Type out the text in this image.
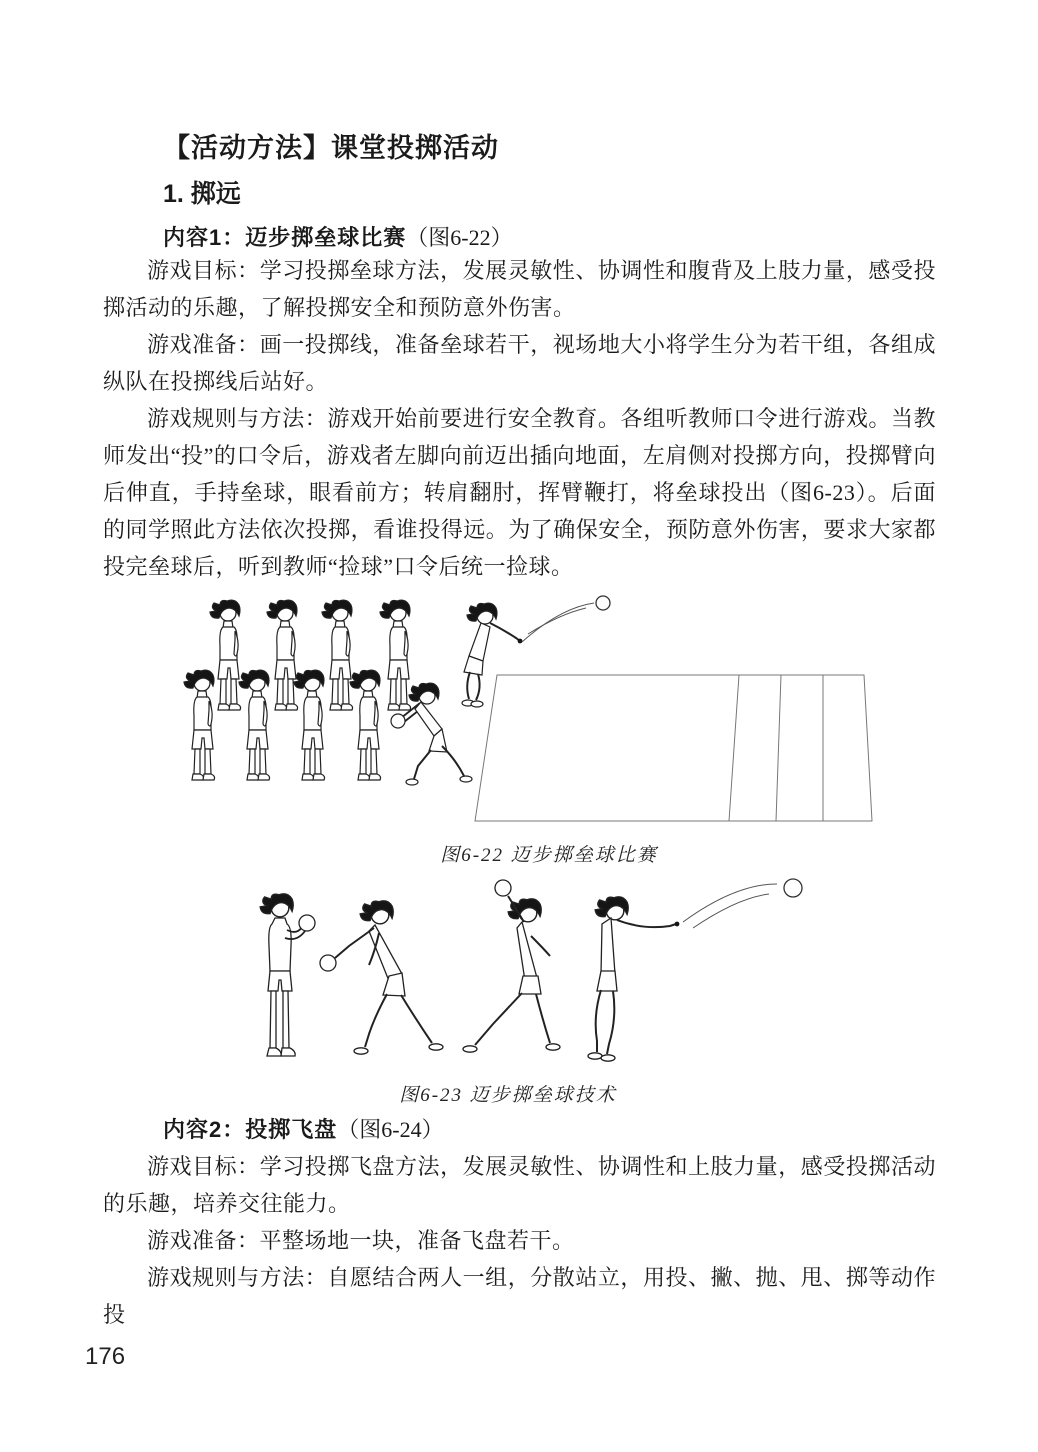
【活动方法】课堂投掷活动
1. 掷远

内容1：迈步掷垒球比赛（图6-22）

游戏目标：学习投掷垒球方法，发展灵敏性、协调性和腹背及上肢力量，感受投掷活动的乐趣，了解投掷安全和预防意外伤害。

游戏准备：画一投掷线，准备垒球若干，视场地大小将学生分为若干组，各组成纵队在投掷线后站好。

游戏规则与方法：游戏开始前要进行安全教育。各组听教师口令进行游戏。当教师发出“投”的口令后，游戏者左脚向前迈出插向地面，左肩侧对投掷方向，投掷臂向后伸直，手持垒球，眼看前方；转肩翻肘，挥臂鞭打，将垒球投出（图6-23）。后面的同学照此方法依次投掷，看谁投得远。为了确保安全，预防意外伤害，要求大家都投完垒球后，听到教师“捡球”口令后统一捡球。

图6-22 迈步掷垒球比赛
图6-23 迈步掷垒球技术

内容2：投掷飞盘（图6-24）

游戏目标：学习投掷飞盘方法，发展灵敏性、协调性和上肢力量，感受投掷活动的乐趣，培养交往能力。

游戏准备：平整场地一块，准备飞盘若干。

游戏规则与方法：自愿结合两人一组，分散站立，用投、撇、抛、甩、掷等动作投

176
